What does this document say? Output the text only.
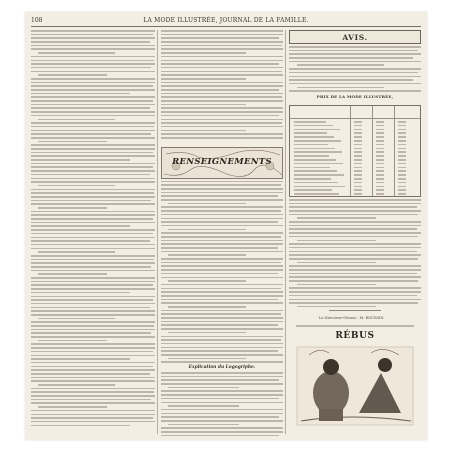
108	LA MODE ILLUSTRÉE, JOURNAL DE LA FAMILLE.

RENSEIGNEMENTS
Explication du Logogriphe.
AVIS.
PRIX DE LA MODE ILLUSTRÉE,

Le Directeur-Gérant : M. ROUSSIN.
RÉBUS
